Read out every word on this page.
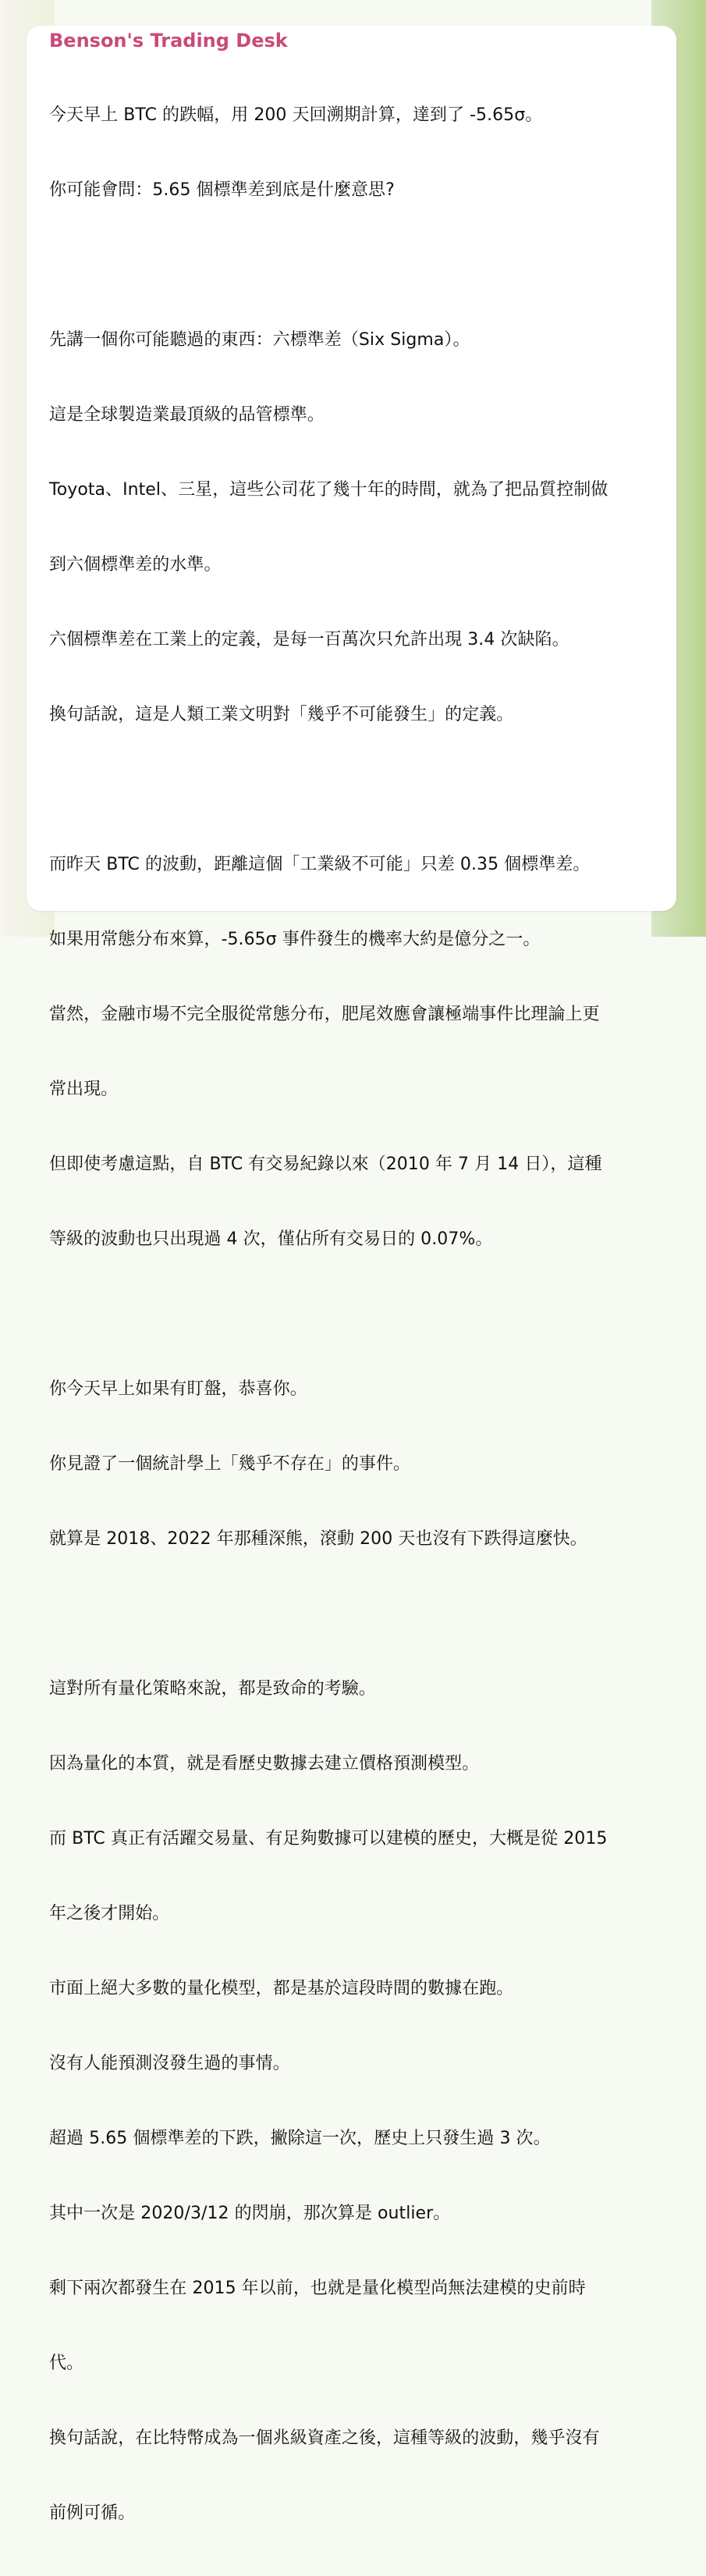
Benson's Trading Desk

今天早上 BTC 的跌幅，用 200 天回溯期計算，達到了 -5.65σ。

你可能會問：5.65 個標準差到底是什麼意思?

先講一個你可能聽過的東西：六標準差（Six Sigma）。

這是全球製造業最頂級的品管標準。

Toyota、Intel、三星，這些公司花了幾十年的時間，就為了把品質控制做

到六個標準差的水準。

六個標準差在工業上的定義，是每一百萬次只允許出現 3.4 次缺陷。

換句話說，這是人類工業文明對「幾乎不可能發生」的定義。

而昨天 BTC 的波動，距離這個「工業級不可能」只差 0.35 個標準差。

如果用常態分布來算，-5.65σ 事件發生的機率大約是億分之一。

當然，金融市場不完全服從常態分布，肥尾效應會讓極端事件比理論上更

常出現。

但即使考慮這點，自 BTC 有交易紀錄以來（2010 年 7 月 14 日），這種

等級的波動也只出現過 4 次，僅佔所有交易日的 0.07%。

你今天早上如果有盯盤，恭喜你。

你見證了一個統計學上「幾乎不存在」的事件。

就算是 2018、2022 年那種深熊，滾動 200 天也沒有下跌得這麼快。

這對所有量化策略來說，都是致命的考驗。

因為量化的本質，就是看歷史數據去建立價格預測模型。

而 BTC 真正有活躍交易量、有足夠數據可以建模的歷史，大概是從 2015

年之後才開始。

市面上絕大多數的量化模型，都是基於這段時間的數據在跑。

沒有人能預測沒發生過的事情。

超過 5.65 個標準差的下跌，撇除這一次，歷史上只發生過 3 次。

其中一次是 2020/3/12 的閃崩，那次算是 outlier。

剩下兩次都發生在 2015 年以前，也就是量化模型尚無法建模的史前時

代。

換句話說，在比特幣成為一個兆級資產之後，這種等級的波動，幾乎沒有

前例可循。
